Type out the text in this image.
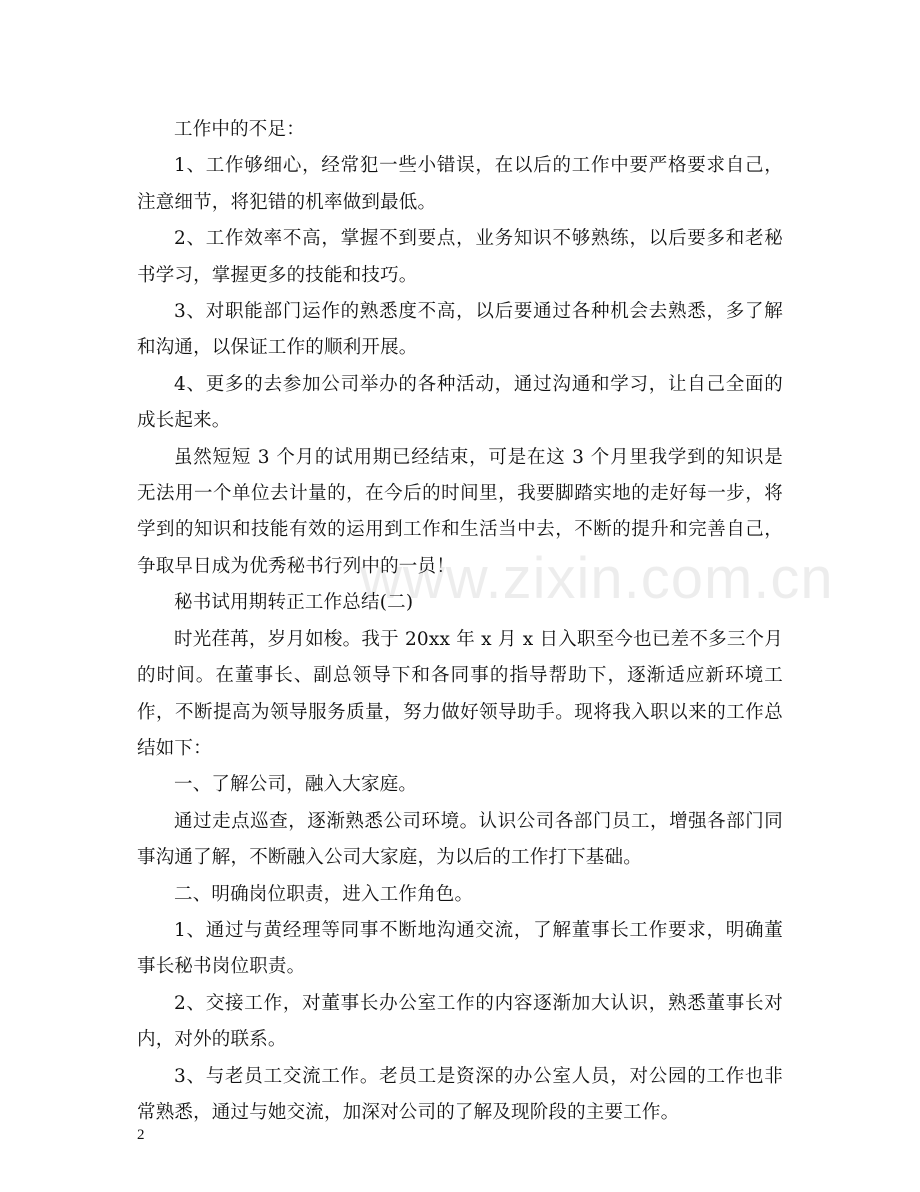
工作中的不足：

1、工作够细心，经常犯一些小错误，在以后的工作中要严格要求自己，注意细节，将犯错的机率做到最低。

2、工作效率不高，掌握不到要点，业务知识不够熟练，以后要多和老秘书学习，掌握更多的技能和技巧。

3、对职能部门运作的熟悉度不高，以后要通过各种机会去熟悉，多了解和沟通，以保证工作的顺利开展。

4、更多的去参加公司举办的各种活动，通过沟通和学习，让自己全面的成长起来。

虽然短短 3 个月的试用期已经结束，可是在这 3 个月里我学到的知识是无法用一个单位去计量的，在今后的时间里，我要脚踏实地的走好每一步，将学到的知识和技能有效的运用到工作和生活当中去，不断的提升和完善自己，争取早日成为优秀秘书行列中的一员！

秘书试用期转正工作总结(二)

时光荏苒，岁月如梭。我于 20xx 年 x 月 x 日入职至今也已差不多三个月的时间。在董事长、副总领导下和各同事的指导帮助下，逐渐适应新环境工作，不断提高为领导服务质量，努力做好领导助手。现将我入职以来的工作总结如下：

一、了解公司，融入大家庭。

通过走点巡查，逐渐熟悉公司环境。认识公司各部门员工，增强各部门同事沟通了解，不断融入公司大家庭，为以后的工作打下基础。

二、明确岗位职责，进入工作角色。

1、通过与黄经理等同事不断地沟通交流，了解董事长工作要求，明确董事长秘书岗位职责。

2、交接工作，对董事长办公室工作的内容逐渐加大认识，熟悉董事长对内，对外的联系。

3、与老员工交流工作。老员工是资深的办公室人员，对公园的工作也非常熟悉，通过与她交流，加深对公司的了解及现阶段的主要工作。

www.zixin.com.cn
2
